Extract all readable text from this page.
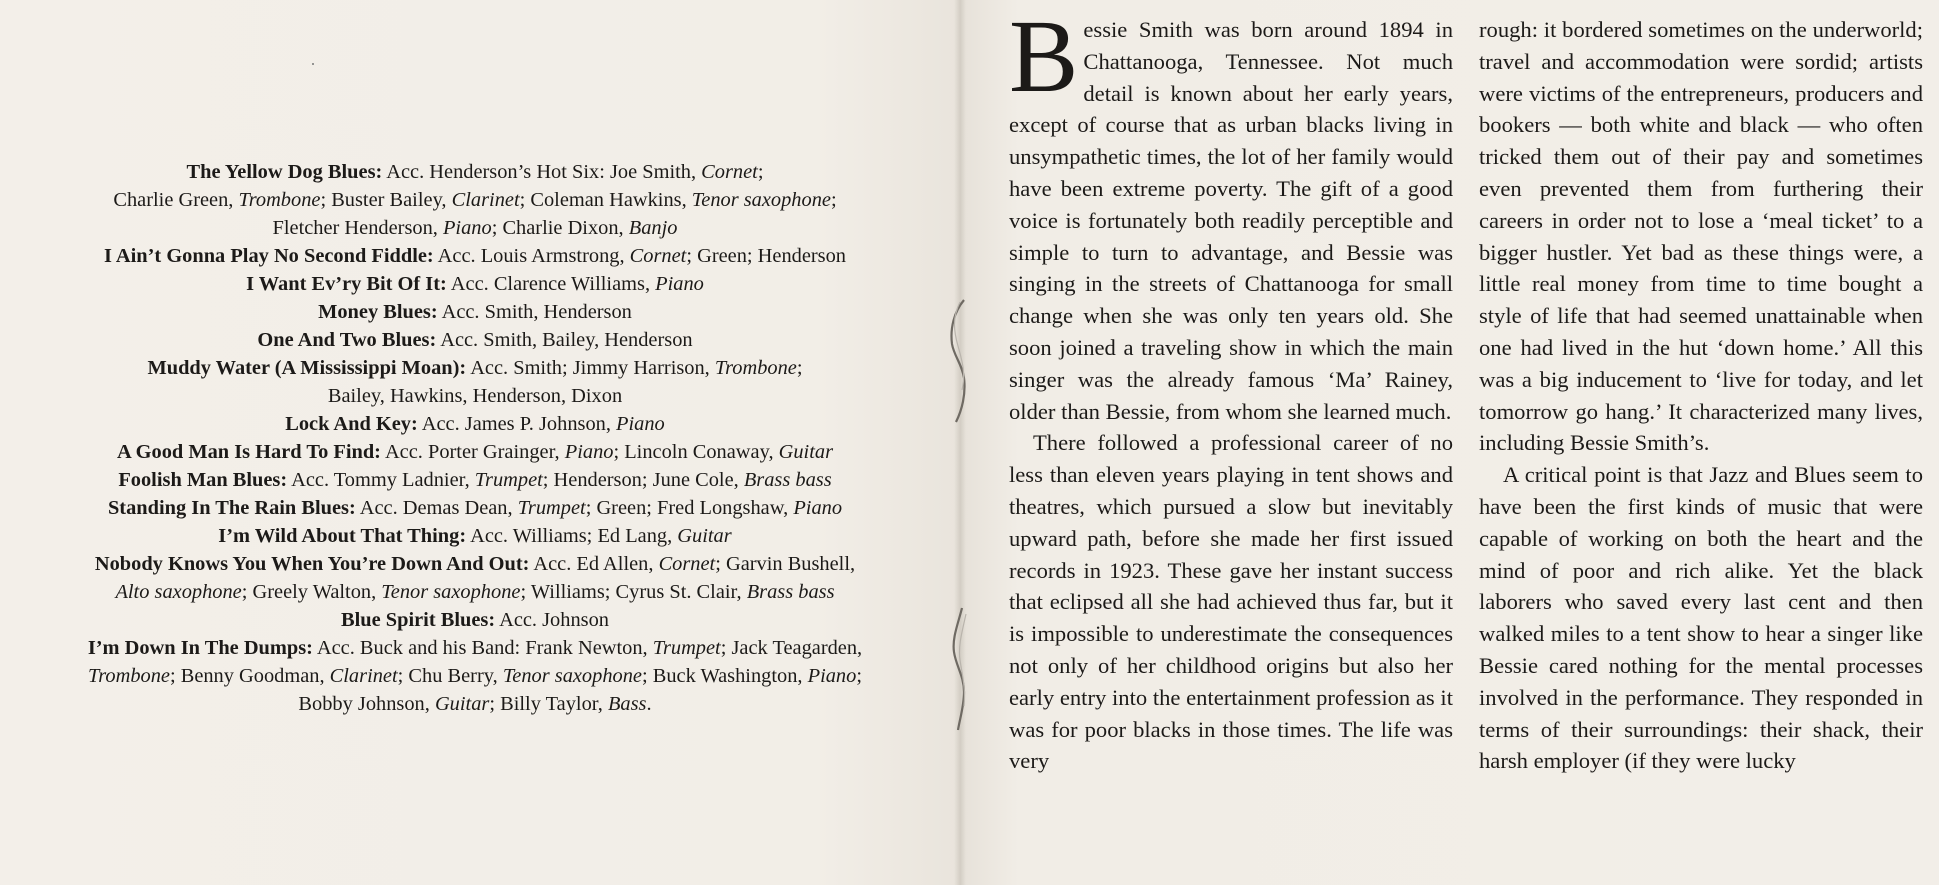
The Yellow Dog Blues: Acc. Henderson’s Hot Six: Joe Smith, Cornet;

Charlie Green, Trombone; Buster Bailey, Clarinet; Coleman Hawkins, Tenor saxophone;

Fletcher Henderson, Piano; Charlie Dixon, Banjo

I Ain’t Gonna Play No Second Fiddle: Acc. Louis Armstrong, Cornet; Green; Henderson

I Want Ev’ry Bit Of It: Acc. Clarence Williams, Piano

Money Blues: Acc. Smith, Henderson

One And Two Blues: Acc. Smith, Bailey, Henderson

Muddy Water (A Mississippi Moan): Acc. Smith; Jimmy Harrison, Trombone;

Bailey, Hawkins, Henderson, Dixon

Lock And Key: Acc. James P. Johnson, Piano

A Good Man Is Hard To Find: Acc. Porter Grainger, Piano; Lincoln Conaway, Guitar

Foolish Man Blues: Acc. Tommy Ladnier, Trumpet; Henderson; June Cole, Brass bass

Standing In The Rain Blues: Acc. Demas Dean, Trumpet; Green; Fred Longshaw, Piano

I’m Wild About That Thing: Acc. Williams; Ed Lang, Guitar

Nobody Knows You When You’re Down And Out: Acc. Ed Allen, Cornet; Garvin Bushell,

Alto saxophone; Greely Walton, Tenor saxophone; Williams; Cyrus St. Clair, Brass bass

Blue Spirit Blues: Acc. Johnson

I’m Down In The Dumps: Acc. Buck and his Band: Frank Newton, Trumpet; Jack Teagarden,

Trombone; Benny Goodman, Clarinet; Chu Berry, Tenor saxophone; Buck Washington, Piano;

Bobby Johnson, Guitar; Billy Taylor, Bass.

Bessie Smith was born around 1894 in Chattanooga, Tennessee. Not much detail is known about her early years, except of course that as urban blacks living in unsympathetic times, the lot of her family would have been extreme poverty. The gift of a good voice is fortunately both readily perceptible and simple to turn to advantage, and Bessie was singing in the streets of Chattanooga for small change when she was only ten years old. She soon joined a traveling show in which the main singer was the already famous ‘Ma’ Rainey, older than Bessie, from whom she learned much.

There followed a professional career of no less than eleven years playing in tent shows and theatres, which pursued a slow but inevitably upward path, before she made her first issued records in 1923. These gave her instant success that eclipsed all she had achieved thus far, but it is impossible to underestimate the consequences not only of her childhood origins but also her early entry into the entertainment profession as it was for poor blacks in those times. The life was very

rough: it bordered sometimes on the underworld; travel and accommodation were sordid; artists were victims of the entrepreneurs, producers and bookers — both white and black — who often tricked them out of their pay and sometimes even prevented them from furthering their careers in order not to lose a ‘meal ticket’ to a bigger hustler. Yet bad as these things were, a little real money from time to time bought a style of life that had seemed unattainable when one had lived in the hut ‘down home.’ All this was a big inducement to ‘live for today, and let tomorrow go hang.’ It characterized many lives, including Bessie Smith’s.

A critical point is that Jazz and Blues seem to have been the first kinds of music that were capable of working on both the heart and the mind of poor and rich alike. Yet the black laborers who saved every last cent and then walked miles to a tent show to hear a singer like Bessie cared nothing for the mental processes involved in the performance. They responded in terms of their surroundings: their shack, their harsh employer (if they were lucky
